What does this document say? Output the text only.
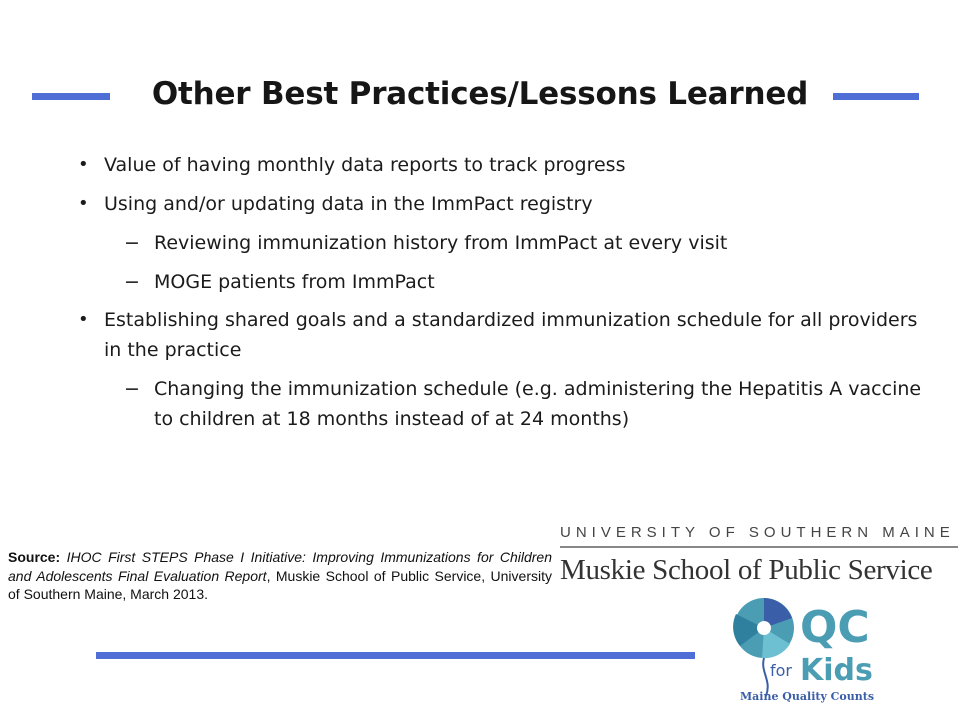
Other Best Practices/Lessons Learned
• Value of having monthly data reports to track progress
• Using and/or updating data in the ImmPact registry
− Reviewing immunization history from ImmPact at every visit
− MOGE patients from ImmPact
• Establishing shared goals and a standardized immunization schedule for all providers in the practice
− Changing the immunization schedule (e.g. administering the Hepatitis A vaccine to children at 18 months instead of at 24 months)
Source: IHOC First STEPS Phase I Initiative: Improving Immunizations for Children and Adolescents Final Evaluation Report, Muskie School of Public Service, University of Southern Maine, March 2013.
UNIVERSITY OF SOUTHERN MAINE
Muskie School of Public Service
QC
for Kids
Maine Quality Counts
